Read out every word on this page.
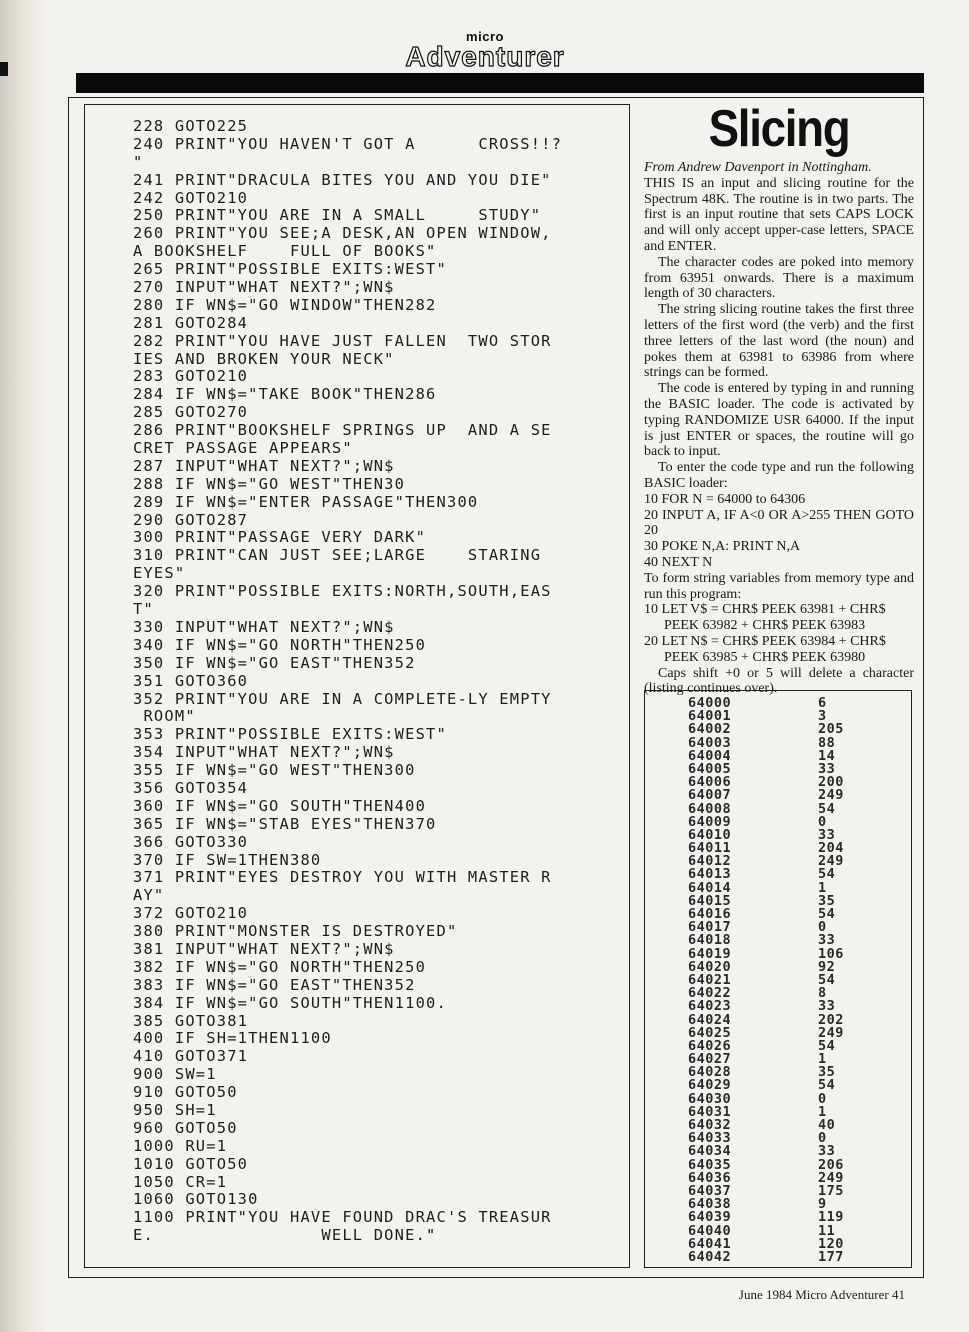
micro
Adventurer
228 GOTO225
240 PRINT"YOU HAVEN'T GOT A      CROSS!!?
"
241 PRINT"DRACULA BITES YOU AND YOU DIE"
242 GOTO210
250 PRINT"YOU ARE IN A SMALL     STUDY"
260 PRINT"YOU SEE;A DESK,AN OPEN WINDOW,
A BOOKSHELF    FULL OF BOOKS"
265 PRINT"POSSIBLE EXITS:WEST"
270 INPUT"WHAT NEXT?";WN$
280 IF WN$="GO WINDOW"THEN282
281 GOTO284
282 PRINT"YOU HAVE JUST FALLEN  TWO STOR
IES AND BROKEN YOUR NECK"
283 GOTO210
284 IF WN$="TAKE BOOK"THEN286
285 GOTO270
286 PRINT"BOOKSHELF SPRINGS UP  AND A SE
CRET PASSAGE APPEARS"
287 INPUT"WHAT NEXT?";WN$
288 IF WN$="GO WEST"THEN30
289 IF WN$="ENTER PASSAGE"THEN300
290 GOTO287
300 PRINT"PASSAGE VERY DARK"
310 PRINT"CAN JUST SEE;LARGE    STARING
EYES"
320 PRINT"POSSIBLE EXITS:NORTH,SOUTH,EAS
T"
330 INPUT"WHAT NEXT?";WN$
340 IF WN$="GO NORTH"THEN250
350 IF WN$="GO EAST"THEN352
351 GOTO360
352 PRINT"YOU ARE IN A COMPLETE-LY EMPTY
ROOM"
353 PRINT"POSSIBLE EXITS:WEST"
354 INPUT"WHAT NEXT?";WN$
355 IF WN$="GO WEST"THEN300
356 GOTO354
360 IF WN$="GO SOUTH"THEN400
365 IF WN$="STAB EYES"THEN370
366 GOTO330
370 IF SW=1THEN380
371 PRINT"EYES DESTROY YOU WITH MASTER R
AY"
372 GOTO210
380 PRINT"MONSTER IS DESTROYED"
381 INPUT"WHAT NEXT?";WN$
382 IF WN$="GO NORTH"THEN250
383 IF WN$="GO EAST"THEN352
384 IF WN$="GO SOUTH"THEN1100.
385 GOTO381
400 IF SH=1THEN1100
410 GOTO371
900 SW=1
910 GOTO50
950 SH=1
960 GOTO50
1000 RU=1
1010 GOTO50
1050 CR=1
1060 GOTO130
1100 PRINT"YOU HAVE FOUND DRAC'S TREASUR
E.                WELL DONE."
Slicing

From Andrew Davenport in Nottingham.

THIS IS an input and slicing routine for the Spectrum 48K. The routine is in two parts. The first is an input routine that sets CAPS LOCK and will only accept upper-case letters, SPACE and ENTER.

The character codes are poked into memory from 63951 onwards. There is a maximum length of 30 characters.

The string slicing routine takes the first three letters of the first word (the verb) and the first three letters of the last word (the noun) and pokes them at 63981 to 63986 from where strings can be formed.

The code is entered by typing in and running the BASIC loader. The code is activated by typing RANDOMIZE USR 64000. If the input is just ENTER or spaces, the routine will go back to input.

To enter the code type and run the following BASIC loader:

10 FOR N = 64000 to 64306

20 INPUT A, IF A<0 OR A>255 THEN GOTO 20

30 POKE N,A: PRINT N,A

40 NEXT N

To form string variables from memory type and run this program:

10 LET V$ = CHR$ PEEK 63981 + CHR$

PEEK 63982 + CHR$ PEEK 63983

20 LET N$ = CHR$ PEEK 63984 + CHR$

PEEK 63985 + CHR$ PEEK 63980

Caps shift +0 or 5 will delete a character (listing continues over).

64000	6
64001	3
64002	205
64003	88
64004	14
64005	33
64006	200
64007	249
64008	54
64009	0
64010	33
64011	204
64012	249
64013	54
64014	1
64015	35
64016	54
64017	0
64018	33
64019	106
64020	92
64021	54
64022	8
64023	33
64024	202
64025	249
64026	54
64027	1
64028	35
64029	54
64030	0
64031	1
64032	40
64033	0
64034	33
64035	206
64036	249
64037	175
64038	9
64039	119
64040	11
64041	120
64042	177
June 1984 Micro Adventurer 41
